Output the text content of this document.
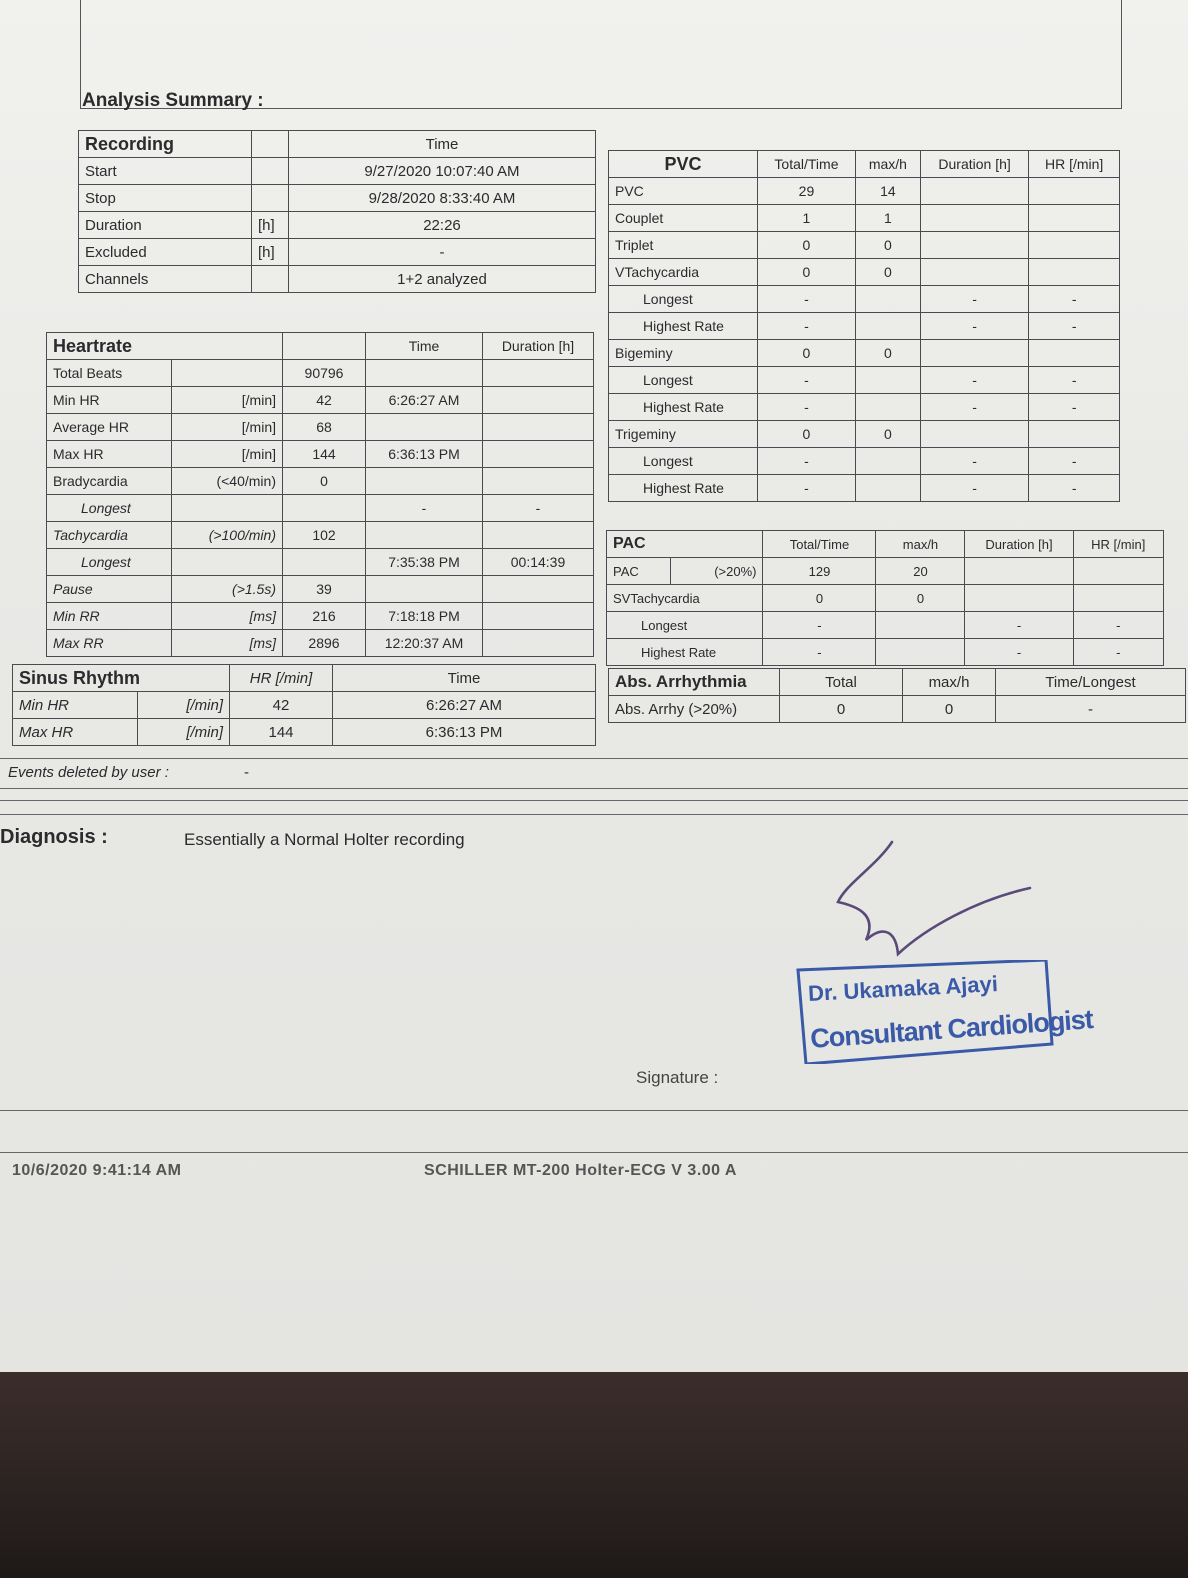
Analysis Summary :
Recording		Time
Start		9/27/2020 10:07:40 AM
Stop		9/28/2020 8:33:40 AM
Duration	[h]	22:26
Excluded	[h]	-
Channels		1+2 analyzed
Heartrate			Time	Duration [h]
Total Beats		90796		
Min HR	[/min]	42	6:26:27 AM	
Average HR	[/min]	68		
Max HR	[/min]	144	6:36:13 PM	
Bradycardia	(<40/min)	0		
Longest			-	-
Tachycardia	(>100/min)	102		
Longest			7:35:38 PM	00:14:39
Pause	(>1.5s)	39		
Min RR	[ms]	216	7:18:18 PM	
Max RR	[ms]	2896	12:20:37 AM	
Sinus Rhythm		HR [/min]	Time
Min HR	[/min]	42	6:26:27 AM
Max HR	[/min]	144	6:36:13 PM
PVC	Total/Time	max/h	Duration [h]	HR [/min]
PVC	29	14		
Couplet	1	1		
Triplet	0	0		
VTachycardia	0	0		
Longest	-		-	-
Highest Rate	-		-	-
Bigeminy	0	0		
Longest	-		-	-
Highest Rate	-		-	-
Trigeminy	0	0		
Longest	-		-	-
Highest Rate	-		-	-
PAC		Total/Time	max/h	Duration [h]	HR [/min]
PAC	(>20%)	129	20		
SVTachycardia		0	0		
Longest		-		-	-
Highest Rate		-		-	-
Abs. Arrhythmia	Total	max/h	Time/Longest
Abs. Arrhy (>20%)	0	0	-
Events deleted by user :	-
Diagnosis :	Essentially a Normal Holter recording
Dr. Ukamaka Ajayi
Consultant Cardiologist
Signature :
10/6/2020 9:41:14 AM	SCHILLER MT-200 Holter-ECG V 3.00 A
